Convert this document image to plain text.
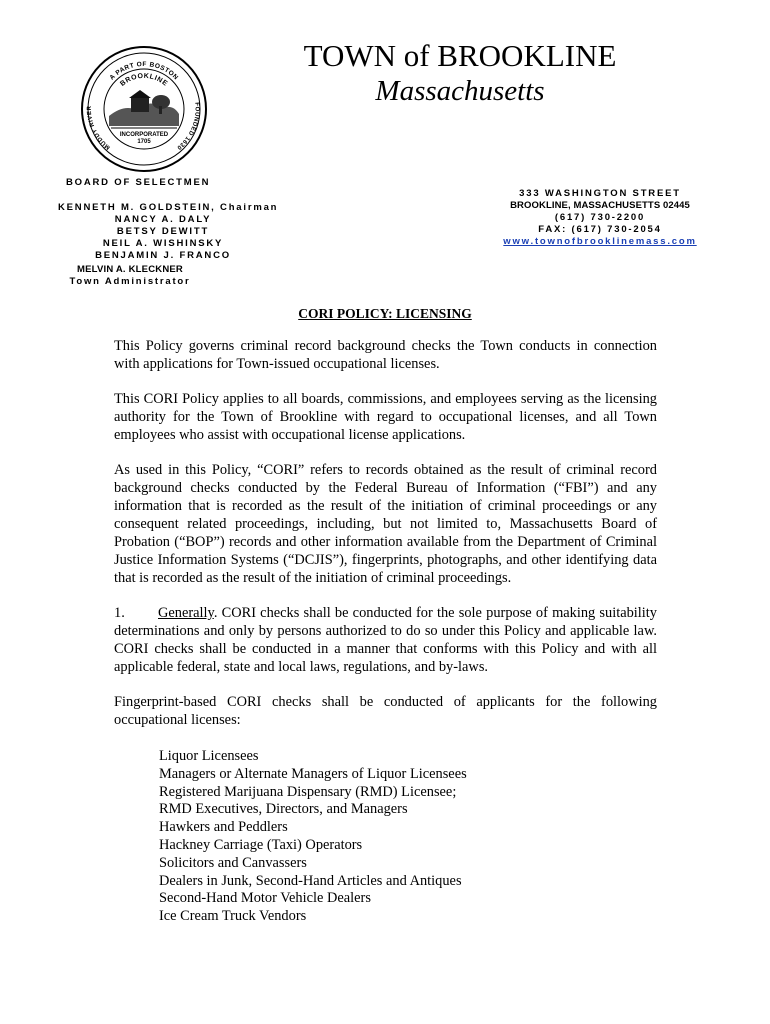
A PART OF BOSTON
MUDDY RIVER
FOUNDED 1630
BROOKLINE
INCORPORATED
1705
TOWN of BROOKLINE
Massachusetts
BOARD OF SELECTMEN
KENNETH M. GOLDSTEIN, Chairman
NANCY A. DALY
BETSY DEWITT
NEIL A. WISHINSKY
BENJAMIN J. FRANCO
MELVIN A. KLECKNER
Town Administrator
333 WASHINGTON STREET
BROOKLINE, MASSACHUSETTS 02445
(617) 730-2200
FAX: (617) 730-2054
www.townofbrooklinemass.com
CORI POLICY: LICENSING

This Policy governs criminal record background checks the Town conducts in connection with applications for Town-issued occupational licenses.

This CORI Policy applies to all boards, commissions, and employees serving as the licensing authority for the Town of Brookline with regard to occupational licenses, and all Town employees who assist with occupational license applications.

As used in this Policy, “CORI” refers to records obtained as the result of criminal record background checks conducted by the Federal Bureau of Information (“FBI”) and any information that is recorded as the result of the initiation of criminal proceedings or any consequent related proceedings, including, but not limited to, Massachusetts Board of Probation (“BOP”) records and other information available from the Department of Criminal Justice Information Systems (“DCJIS”), fingerprints, photographs, and other identifying data that is recorded as the result of the initiation of criminal proceedings.

1. Generally. CORI checks shall be conducted for the sole purpose of making suitability determinations and only by persons authorized to do so under this Policy and applicable law. CORI checks shall be conducted in a manner that conforms with this Policy and with all applicable federal, state and local laws, regulations, and by-laws.

Fingerprint-based CORI checks shall be conducted of applicants for the following occupational licenses:

Liquor Licensees
Managers or Alternate Managers of Liquor Licensees
Registered Marijuana Dispensary (RMD) Licensee;
RMD Executives, Directors, and Managers
Hawkers and Peddlers
Hackney Carriage (Taxi) Operators
Solicitors and Canvassers
Dealers in Junk, Second-Hand Articles and Antiques
Second-Hand Motor Vehicle Dealers
Ice Cream Truck Vendors
